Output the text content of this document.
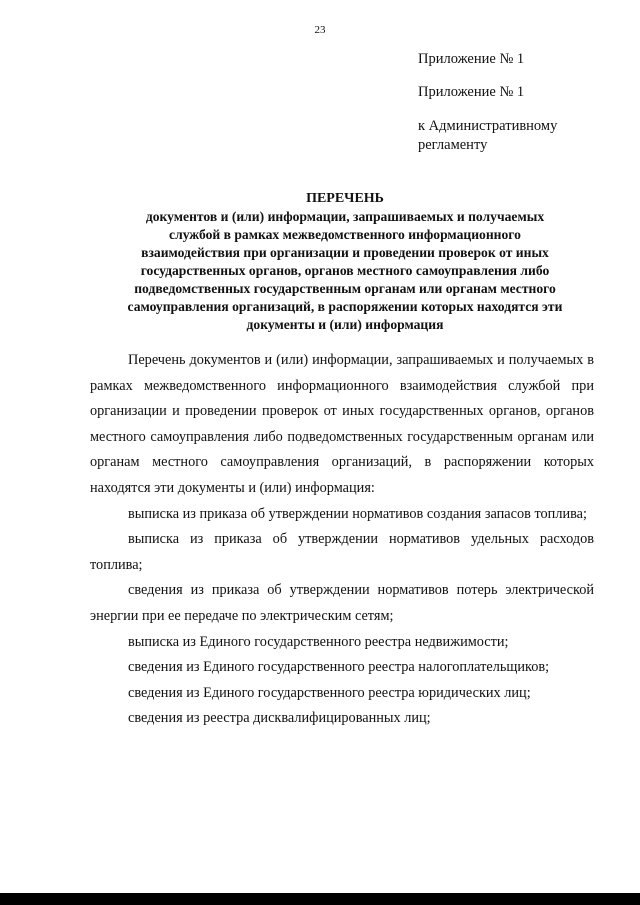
23
Приложение № 1
Приложение № 1
к Административному
регламенту
ПЕРЕЧЕНЬ
документов и (или) информации, запрашиваемых и получаемых
службой в рамках межведомственного информационного
взаимодействия при организации и проведении проверок от иных
государственных органов, органов местного самоуправления либо
подведомственных государственным органам или органам местного
самоуправления организаций, в распоряжении которых находятся эти
документы и (или) информация

Перечень документов и (или) информации, запрашиваемых и получаемых в рамках межведомственного информационного взаимодействия службой при организации и проведении проверок от иных государственных органов, органов местного самоуправления либо подведомственных государственным органам или органам местного самоуправления организаций, в распоряжении которых находятся эти документы и (или) информация:

выписка из приказа об утверждении нормативов создания запасов топлива;

выписка из приказа об утверждении нормативов удельных расходов топлива;

сведения из приказа об утверждении нормативов потерь электрической энергии при ее передаче по электрическим сетям;

выписка из Единого государственного реестра недвижимости;

сведения из Единого государственного реестра налогоплательщиков;

сведения из Единого государственного реестра юридических лиц;

сведения из реестра дисквалифицированных лиц;
